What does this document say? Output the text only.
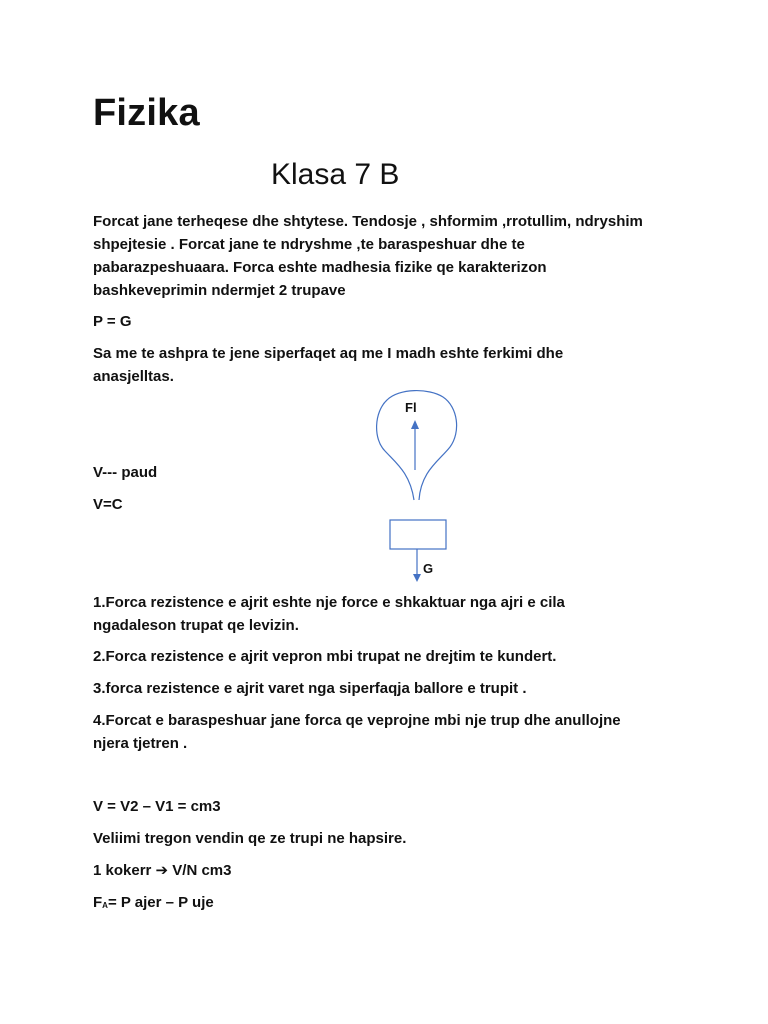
Fizika
Klasa 7 B
Forcat jane terheqese dhe shtytese. Tendosje , shformim ,rrotullim, ndryshim
shpejtesie . Forcat jane te ndryshme ,te baraspeshuar dhe te
pabarazpeshuaara. Forca eshte madhesia fizike qe karakterizon
bashkeveprimin ndermjet 2 trupave
P = G
Sa me te ashpra te jene siperfaqet aq me I madh eshte ferkimi dhe
anasjelltas.
V--- paud
V=C
Fl
G
1.Forca rezistence e ajrit eshte nje force e shkaktuar nga ajri e cila
ngadaleson trupat qe levizin.
2.Forca rezistence e ajrit vepron mbi trupat ne drejtim te kundert.
3.forca rezistence e ajrit varet nga siperfaqja ballore e trupit .
4.Forcat e baraspeshuar jane forca qe veprojne mbi nje trup dhe anullojne
njera tjetren .
V = V2 – V1 = cm3
Veliimi tregon vendin qe ze trupi ne hapsire.
1 kokerr ➔ V/N cm3
FA= P ajer – P uje
